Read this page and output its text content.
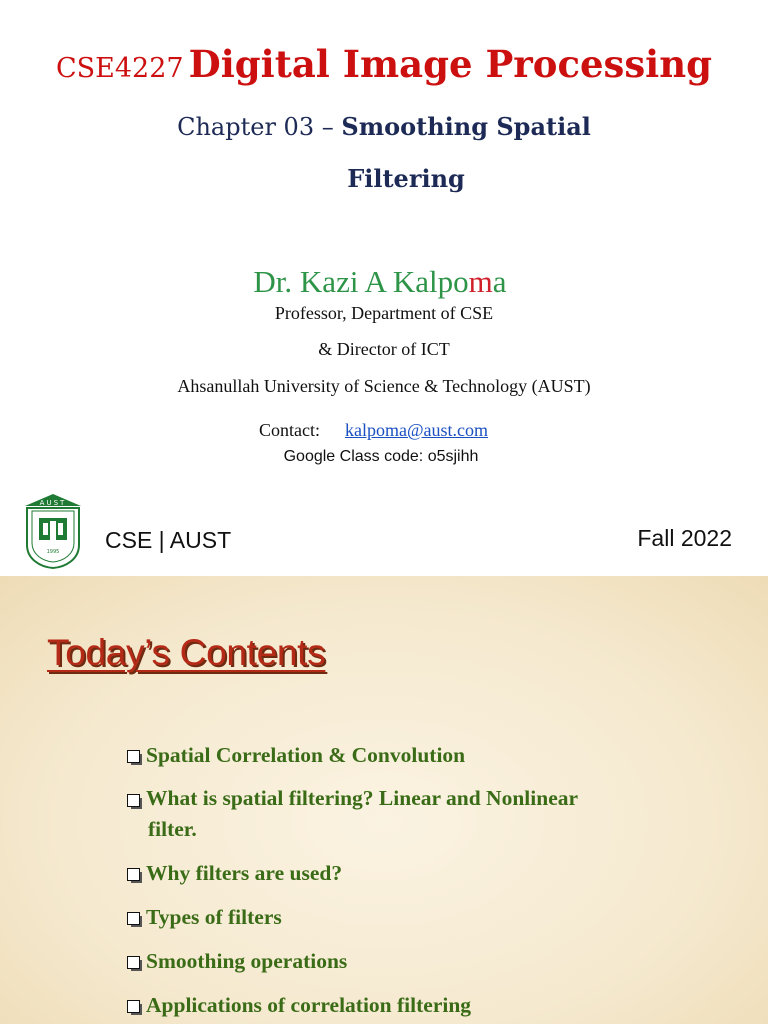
CSE4227 Digital Image Processing
Chapter 03 – Smoothing Spatial
Filtering
Dr. Kazi A Kalpoma
Professor, Department of CSE
& Director of ICT
Ahsanullah University of Science & Technology (AUST)
Contact: kalpoma@aust.com
Google Class code: o5sjihh
AUST
1995 CSE | AUST	Fall 2022
Today’s Contents
Spatial Correlation & Convolution
What is spatial filtering? Linear and Nonlinear
filter.
Why filters are used?
Types of filters
Smoothing operations
Applications of correlation filtering
